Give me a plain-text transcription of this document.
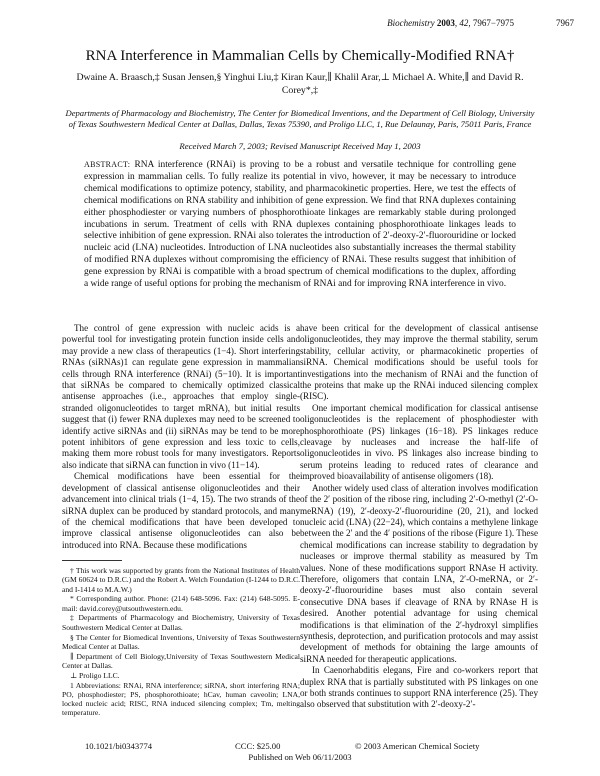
Biochemistry 2003, 42, 7967−7975	7967
RNA Interference in Mammalian Cells by Chemically-Modified RNA†
Dwaine A. Braasch,‡ Susan Jensen,§ Yinghui Liu,‡ Kiran Kaur,∥ Khalil Arar,⊥ Michael A. White,∥ and David R. Corey*,‡
Departments of Pharmacology and Biochemistry, The Center for Biomedical Inventions, and the Department of Cell Biology, University of Texas Southwestern Medical Center at Dallas, Dallas, Texas 75390, and Proligo LLC, 1, Rue Delaunay, Paris, 75011 Paris, France
Received March 7, 2003; Revised Manuscript Received May 1, 2003
ABSTRACT: RNA interference (RNAi) is proving to be a robust and versatile technique for controlling gene expression in mammalian cells. To fully realize its potential in vivo, however, it may be necessary to introduce chemical modifications to optimize potency, stability, and pharmacokinetic properties. Here, we test the effects of chemical modifications on RNA stability and inhibition of gene expression. We find that RNA duplexes containing either phosphodiester or varying numbers of phosphorothioate linkages are remarkably stable during prolonged incubations in serum. Treatment of cells with RNA duplexes containing phosphorothioate linkages leads to selective inhibition of gene expression. RNAi also tolerates the introduction of 2′-deoxy-2′-fluorouridine or locked nucleic acid (LNA) nucleotides. Introduction of LNA nucleotides also substantially increases the thermal stability of modified RNA duplexes without compromising the efficiency of RNAi. These results suggest that inhibition of gene expression by RNAi is compatible with a broad spectrum of chemical modifications to the duplex, affording a wide range of useful options for probing the mechanism of RNAi and for improving RNA interference in vivo.

The control of gene expression with nucleic acids is a powerful tool for investigating protein function inside cells and may provide a new class of therapeutics (1−4). Short interfering RNAs (siRNAs)1 can regulate gene expression in mammalian cells through RNA interference (RNAi) (5−10). It is important that siRNAs be compared to chemically optimized classical antisense approaches (i.e., approaches that employ single-stranded oligonucleotides to target mRNA), but initial results suggest that (i) fewer RNA duplexes may need to be screened to identify active siRNAs and (ii) siRNAs may be tend to be more potent inhibitors of gene expression and less toxic to cells, making them more robust tools for many investigators. Reports also indicate that siRNA can function in vivo (11−14).

Chemical modifications have been essential for the development of classical antisense oligonucleotides and their advancement into clinical trials (1−4, 15). The two strands of the siRNA duplex can be produced by standard protocols, and many of the chemical modifications that have been developed to improve classical antisense oligonucleotides can also be introduced into RNA. Because these modifications

have been critical for the development of classical antisense oligonucleotides, they may improve the thermal stability, serum stability, cellular activity, or pharmacokinetic properties of siRNA. Chemical modifications should be useful tools for investigations into the mechanism of RNAi and the function of the proteins that make up the RNAi induced silencing complex (RISC).

One important chemical modification for classical antisense oligonucleotides is the replacement of phosphodiester with phosphorothioate (PS) linkages (16−18). PS linkages reduce cleavage by nucleases and increase the half-life of oligonucleotides in vivo. PS linkages also increase binding to serum proteins leading to reduced rates of clearance and improved bioavailability of antisense oligomers (18).

Another widely used class of alteration involves modification of the 2′ position of the ribose ring, including 2′-O-methyl (2′-O-meRNA) (19), 2′-deoxy-2′-fluorouridine (20, 21), and locked nucleic acid (LNA) (22−24), which contains a methylene linkage between the 2′ and the 4′ positions of the ribose (Figure 1). These chemical modifications can increase stability to degradation by nucleases or improve thermal stability as measured by Tm values. None of these modifications support RNAse H activity. Therefore, oligomers that contain LNA, 2′-O-meRNA, or 2′-deoxy-2′-fluorouridine bases must also contain several consecutive DNA bases if cleavage of RNA by RNAse H is desired. Another potential advantage for using chemical modifications is that elimination of the 2′-hydroxyl simplifies synthesis, deprotection, and purification protocols and may assist development of methods for obtaining the large amounts of siRNA needed for therapeutic applications.

In Caenorhabditis elegans, Fire and co-workers report that duplex RNA that is partially substituted with PS linkages on one or both strands continues to support RNA interference (25). They also observed that substitution with 2′-deoxy-2′-

† This work was supported by grants from the National Institutes of Health (GM 60624 to D.R.C.) and the Robert A. Welch Foundation (I-1244 to D.R.C. and I-1414 to M.A.W.)

* Corresponding author. Phone: (214) 648-5096. Fax: (214) 648-5095. E-mail: david.corey@utsouthwestern.edu.

‡ Departments of Pharmacology and Biochemistry, University of Texas Southwestern Medical Center at Dallas.

§ The Center for Biomedical Inventions, University of Texas Southwestern Medical Center at Dallas.

∥ Department of Cell Biology,University of Texas Southwestern Medical Center at Dallas.

⊥ Proligo LLC.

1 Abbreviations: RNAi, RNA interference; siRNA, short interfering RNA; PO, phosphodiester; PS, phosphorothioate; hCav, human caveolin; LNA, locked nucleic acid; RISC, RNA induced silencing complex; Tm, melting temperature.

10.1021/bi0343774	CCC: $25.00	© 2003 American Chemical Society
Published on Web 06/11/2003
